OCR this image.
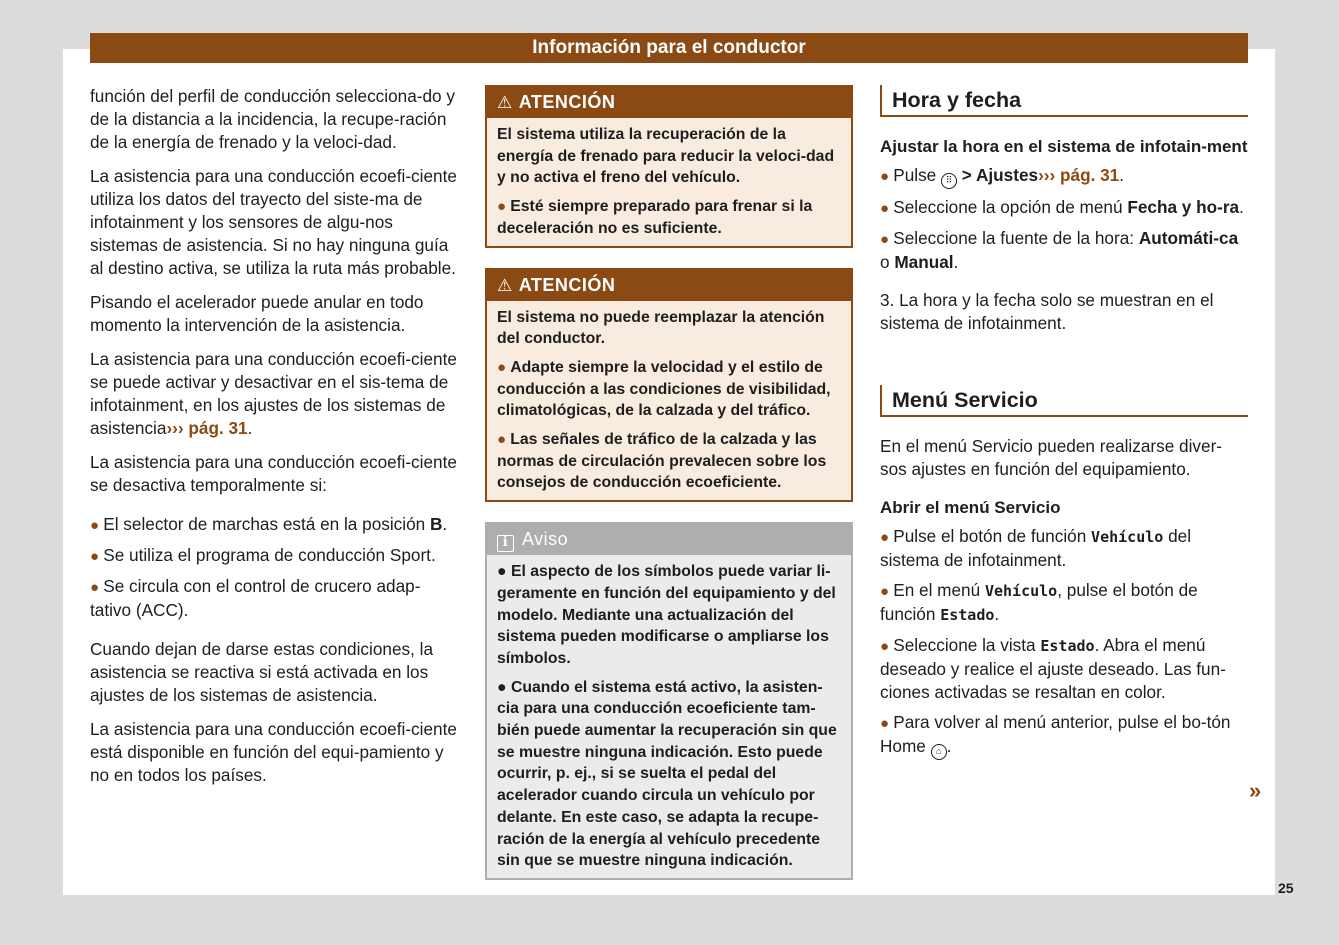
Información para el conductor

función del perfil de conducción selecciona-do y de la distancia a la incidencia, la recupe-ración de la energía de frenado y la veloci-dad.

La asistencia para una conducción ecoefi-ciente utiliza los datos del trayecto del siste-ma de infotainment y los sensores de algu-nos sistemas de asistencia. Si no hay ninguna guía al destino activa, se utiliza la ruta más probable.

Pisando el acelerador puede anular en todo momento la intervención de la asistencia.

La asistencia para una conducción ecoefi-ciente se puede activar y desactivar en el sis-tema de infotainment, en los ajustes de los sistemas de asistencia››› pág. 31.

La asistencia para una conducción ecoefi-ciente se desactiva temporalmente si:

● El selector de marchas está en la posición B.

● Se utiliza el programa de conducción Sport.

● Se circula con el control de crucero adap-tativo (ACC).

Cuando dejan de darse estas condiciones, la asistencia se reactiva si está activada en los ajustes de los sistemas de asistencia.

La asistencia para una conducción ecoefi-ciente está disponible en función del equi-pamiento y no en todos los países.

⚠ ATENCIÓN

El sistema utiliza la recuperación de la energía de frenado para reducir la veloci-dad y no activa el freno del vehículo.

● Esté siempre preparado para frenar si la deceleración no es suficiente.

⚠ ATENCIÓN

El sistema no puede reemplazar la atención del conductor.

● Adapte siempre la velocidad y el estilo de conducción a las condiciones de visibilidad, climatológicas, de la calzada y del tráfico.

● Las señales de tráfico de la calzada y las normas de circulación prevalecen sobre los consejos de conducción ecoeficiente.

i Aviso

● El aspecto de los símbolos puede variar li-geramente en función del equipamiento y del modelo. Mediante una actualización del sistema pueden modificarse o ampliarse los símbolos.

● Cuando el sistema está activo, la asisten-cia para una conducción ecoeficiente tam-bién puede aumentar la recuperación sin que se muestre ninguna indicación. Esto puede ocurrir, p. ej., si se suelta el pedal del acelerador cuando circula un vehículo por delante. En este caso, se adapta la recupe-ración de la energía al vehículo precedente sin que se muestre ninguna indicación.

Hora y fecha
Ajustar la hora en el sistema de infotain-ment

● Pulse ⠿ > Ajustes››› pág. 31.

● Seleccione la opción de menú Fecha y ho-ra.

● Seleccione la fuente de la hora: Automáti-ca o Manual.

3. La hora y la fecha solo se muestran en el sistema de infotainment.

Menú Servicio

En el menú Servicio pueden realizarse diver-sos ajustes en función del equipamiento.

Abrir el menú Servicio

● Pulse el botón de función Vehículo del sistema de infotainment.

● En el menú Vehículo, pulse el botón de función Estado.

● Seleccione la vista Estado. Abra el menú deseado y realice el ajuste deseado. Las fun-ciones activadas se resaltan en color.

● Para volver al menú anterior, pulse el bo-tón Home ⌂ .

»
25
